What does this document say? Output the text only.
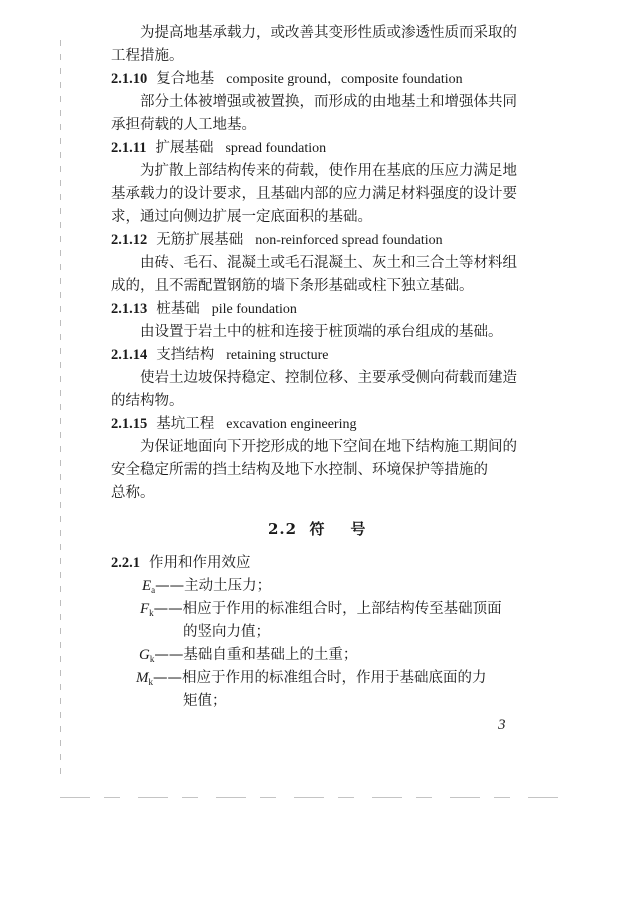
为提高地基承载力，或改善其变形性质或渗透性质而采取的
工程措施。
2.1.10 复合地基 composite ground，composite foundation
部分土体被增强或被置换，而形成的由地基土和增强体共同
承担荷载的人工地基。
2.1.11 扩展基础 spread foundation
为扩散上部结构传来的荷载，使作用在基底的压应力满足地
基承载力的设计要求，且基础内部的应力满足材料强度的设计要
求，通过向侧边扩展一定底面积的基础。
2.1.12 无筋扩展基础 non-reinforced spread foundation
由砖、毛石、混凝土或毛石混凝土、灰土和三合土等材料组
成的，且不需配置钢筋的墙下条形基础或柱下独立基础。
2.1.13 桩基础 pile foundation
由设置于岩土中的桩和连接于桩顶端的承台组成的基础。
2.1.14 支挡结构 retaining structure
使岩土边坡保持稳定、控制位移、主要承受侧向荷载而建造
的结构物。
2.1.15 基坑工程 excavation engineering
为保证地面向下开挖形成的地下空间在地下结构施工期间的
安全稳定所需的挡土结构及地下水控制、环境保护等措施的
总称。
2.2  符    号
2.2.1 作用和作用效应
$E_a——$主动土压力；
$F_k——$相应于作用的标准组合时，上部结构传至基础顶面
的竖向力值；
$G_k——$基础自重和基础上的土重；
$M_k——$相应于作用的标准组合时，作用于基础底面的力
矩值；
3
